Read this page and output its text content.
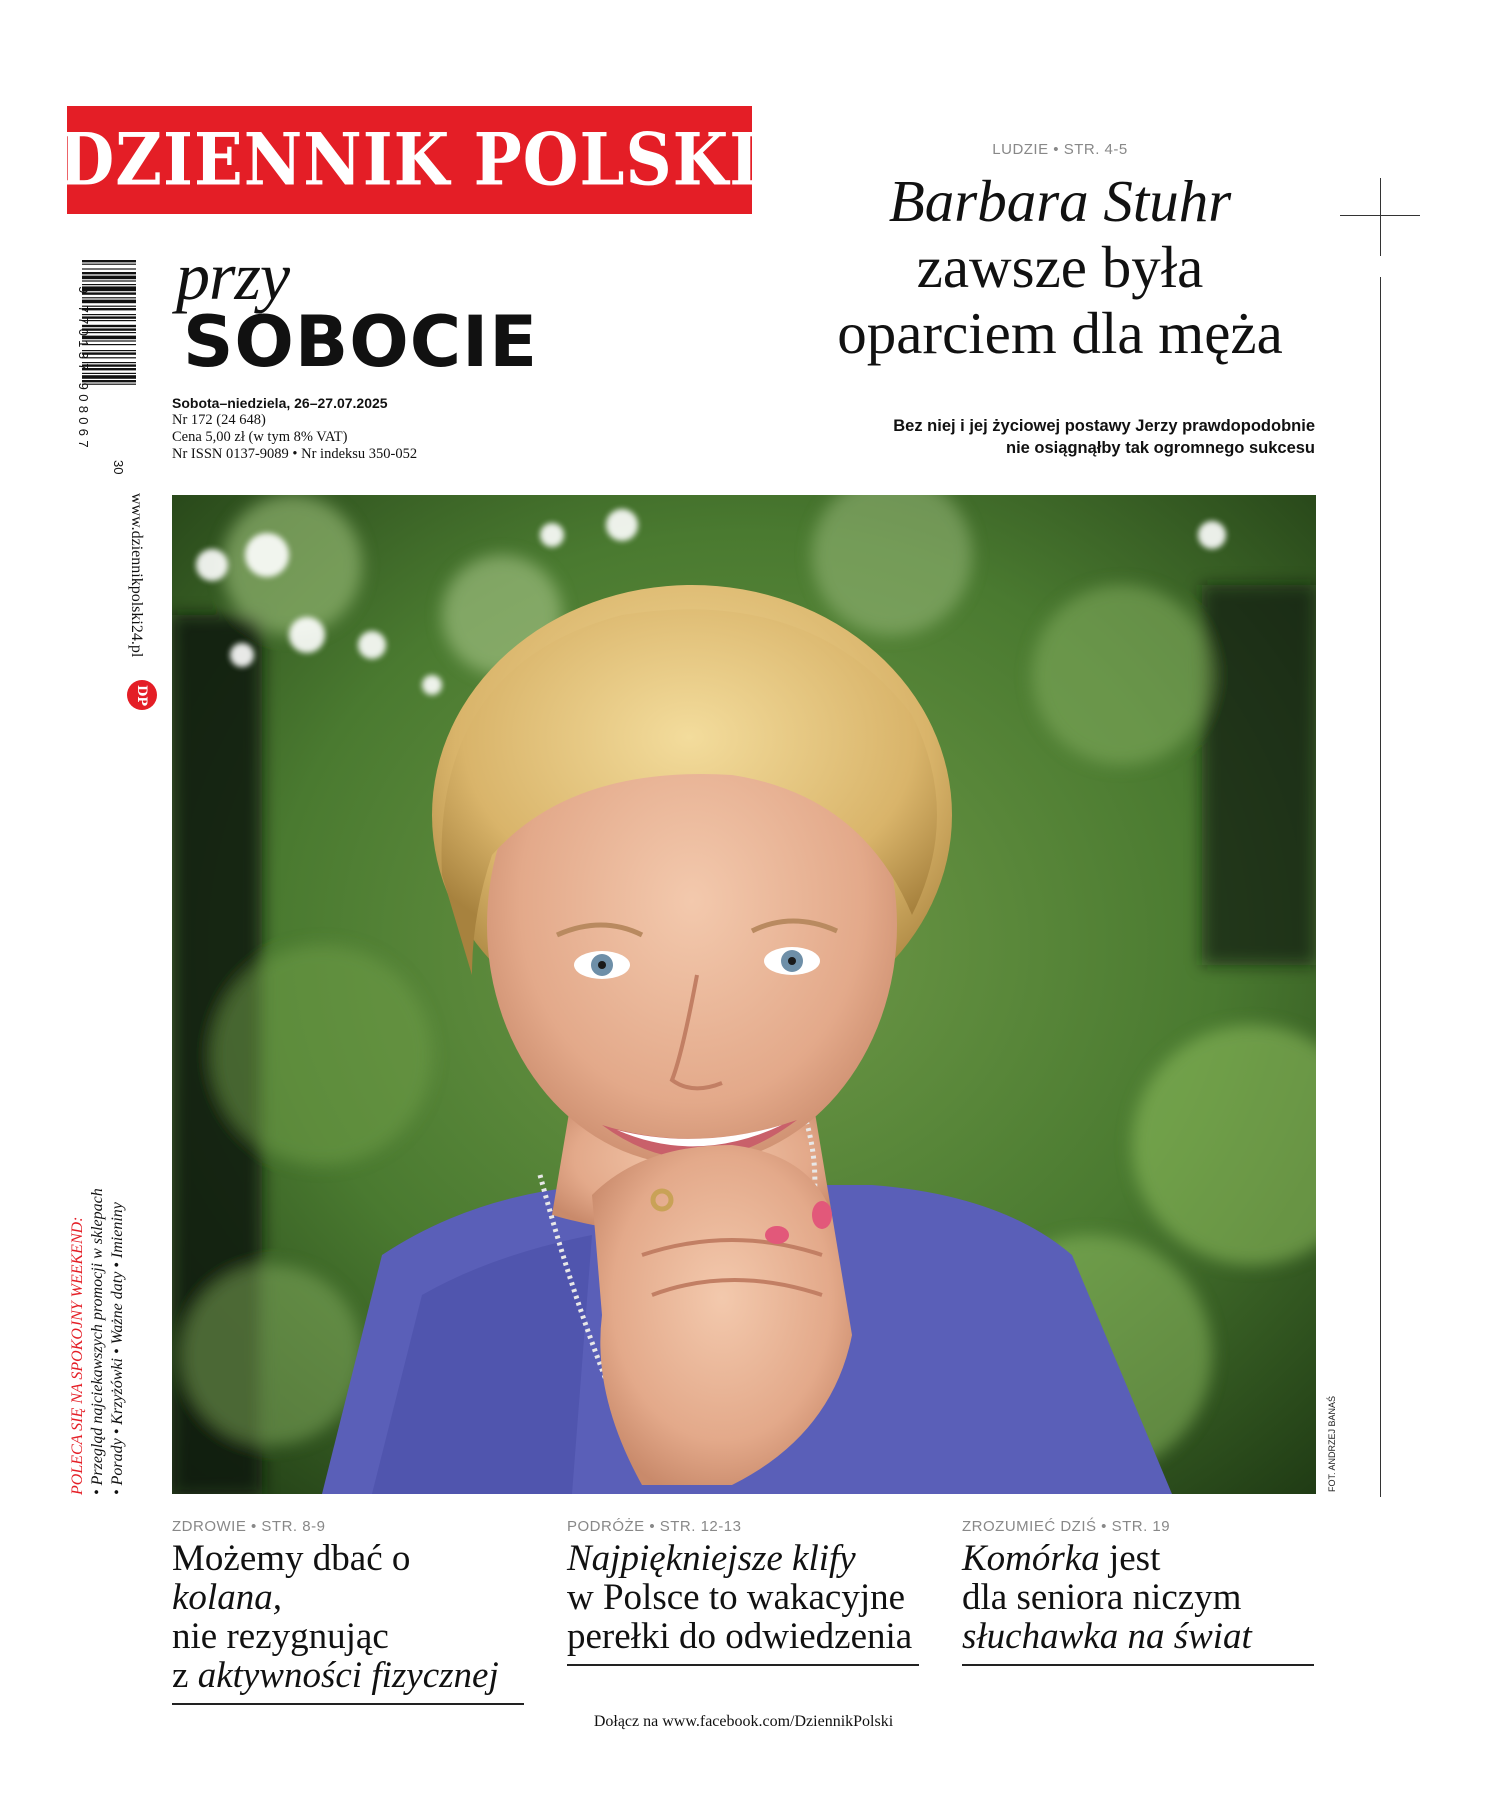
DZIENNIK POLSKI
9 770137 908067
30
www.dziennikpolski24.pl
DP
POLECA SIĘ NA SPOKOJNY WEEKEND: • Przegląd najciekawszych promocji w sklepach • Porady • Krzyżówki • Ważne daty • Imieniny
przy
SOBOCIE
Sobota–niedziela, 26–27.07.2025
Nr 172 (24 648)
Cena 5,00 zł (w tym 8% VAT)
Nr ISSN 0137-9089 • Nr indeksu 350-052
LUDZIE • STR. 4-5
Barbara Stuhr
zawsze była
oparciem dla męża
Bez niej i jej życiowej postawy Jerzy prawdopodobnie
nie osiągnąłby tak ogromnego sukcesu
FOT. ANDRZEJ BANAŚ
ZDROWIE • STR. 8-9
Możemy dbać o kolana,
nie rezygnując
z aktywności fizycznej
PODRÓŻE • STR. 12-13
Najpiękniejsze klify
w Polsce to wakacyjne
perełki do odwiedzenia
ZROZUMIEĆ DZIŚ • STR. 19
Komórka jest
dla seniora niczym
słuchawka na świat
Dołącz na www.facebook.com/DziennikPolski
